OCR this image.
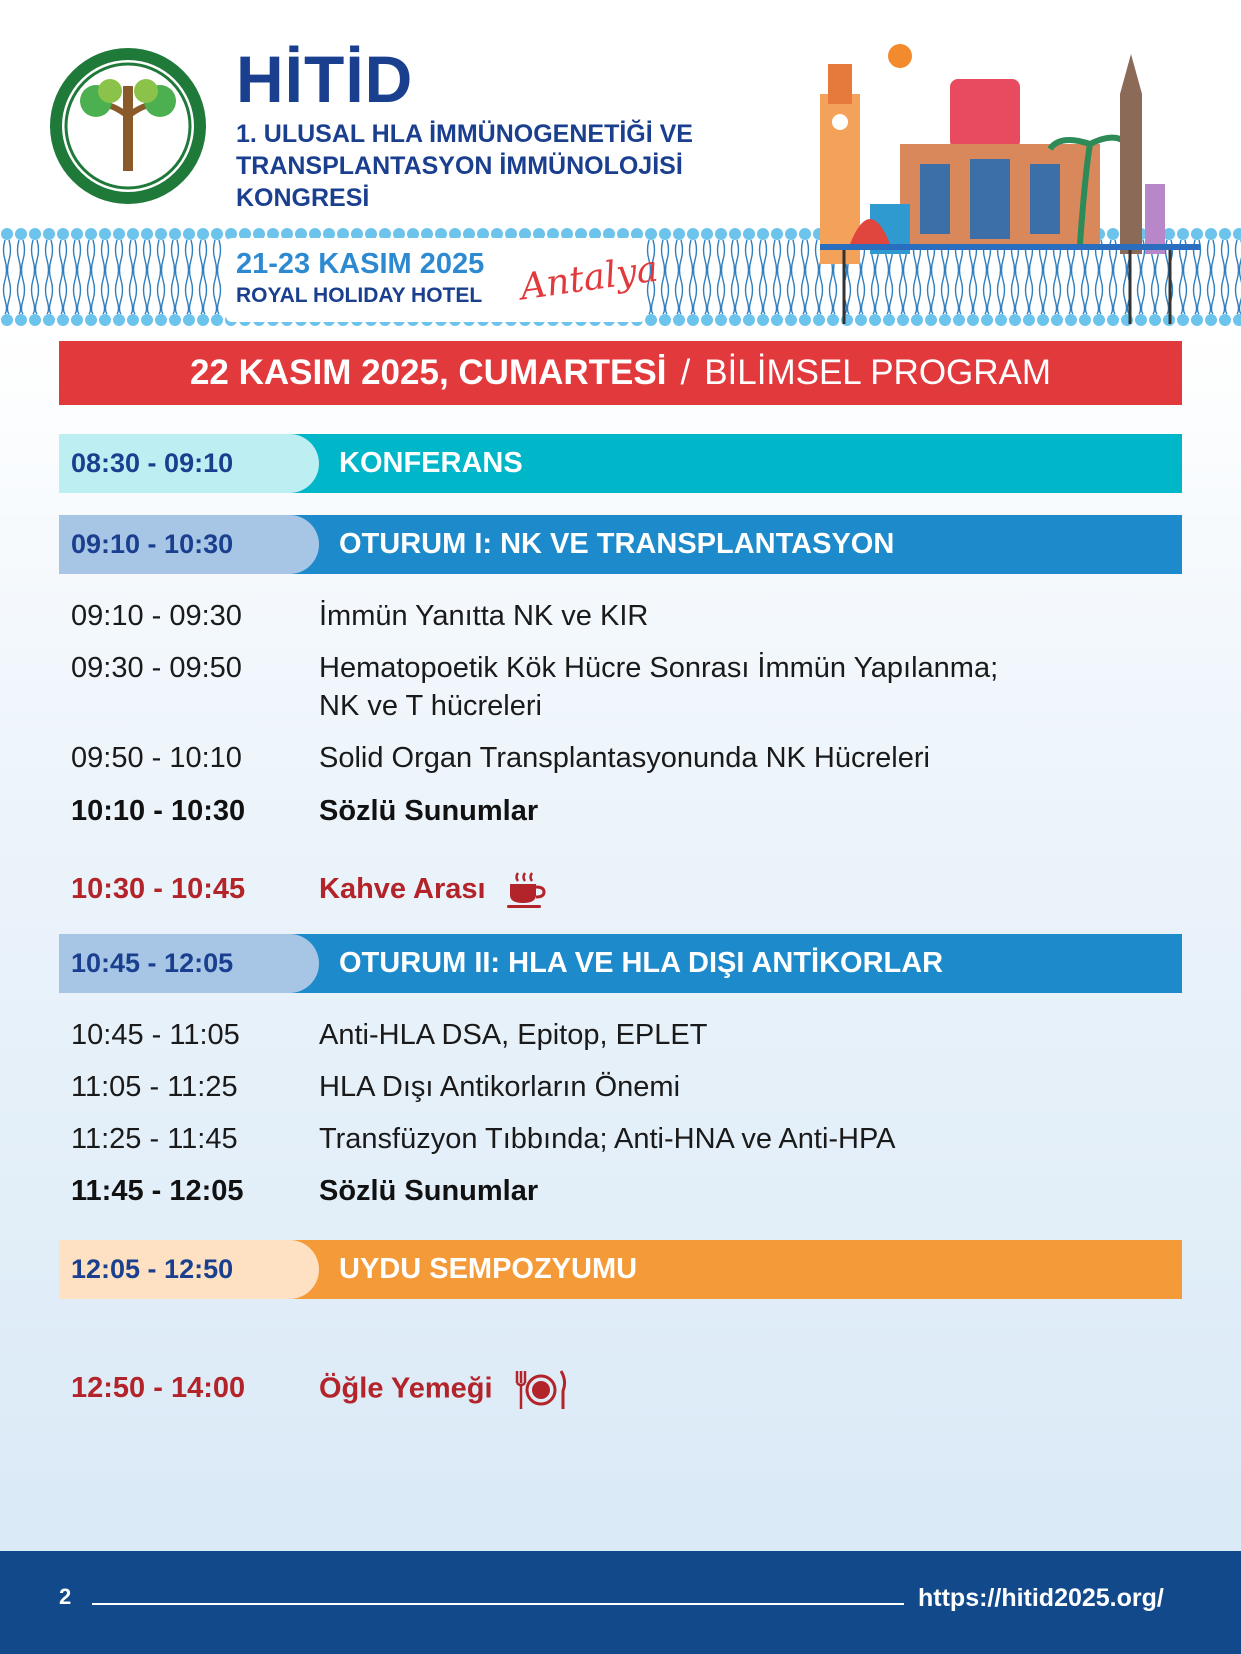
HİTİD
1. ULUSAL HLA İMMÜNOGENETİĞİ VE
TRANSPLANTASYON İMMÜNOLOJİSİ
KONGRESİ
21-23 KASIM 2025
ROYAL HOLIDAY HOTEL Antalya
22 KASIM 2025, CUMARTESİ / BİLİMSEL PROGRAM
08:30 - 09:10	KONFERANS
09:10 - 10:30	OTURUM I: NK VE TRANSPLANTASYON
09:10 - 09:30	İmmün Yanıtta NK ve KIR
09:30 - 09:50	Hematopoetik Kök Hücre Sonrası İmmün Yapılanma;
NK ve T hücreleri
09:50 - 10:10	Solid Organ Transplantasyonunda NK Hücreleri
10:10 - 10:30	Sözlü Sunumlar
10:30 - 10:45	Kahve Arası
10:45 - 12:05	OTURUM II: HLA VE HLA DIŞI ANTİKORLAR
10:45 - 11:05	Anti-HLA DSA, Epitop, EPLET
11:05 - 11:25	HLA Dışı Antikorların Önemi
11:25 - 11:45	Transfüzyon Tıbbında; Anti-HNA ve Anti-HPA
11:45 - 12:05	Sözlü Sunumlar
12:05 - 12:50	UYDU SEMPOZYUMU
12:50 - 14:00	Öğle Yemeği
2	https://hitid2025.org/
